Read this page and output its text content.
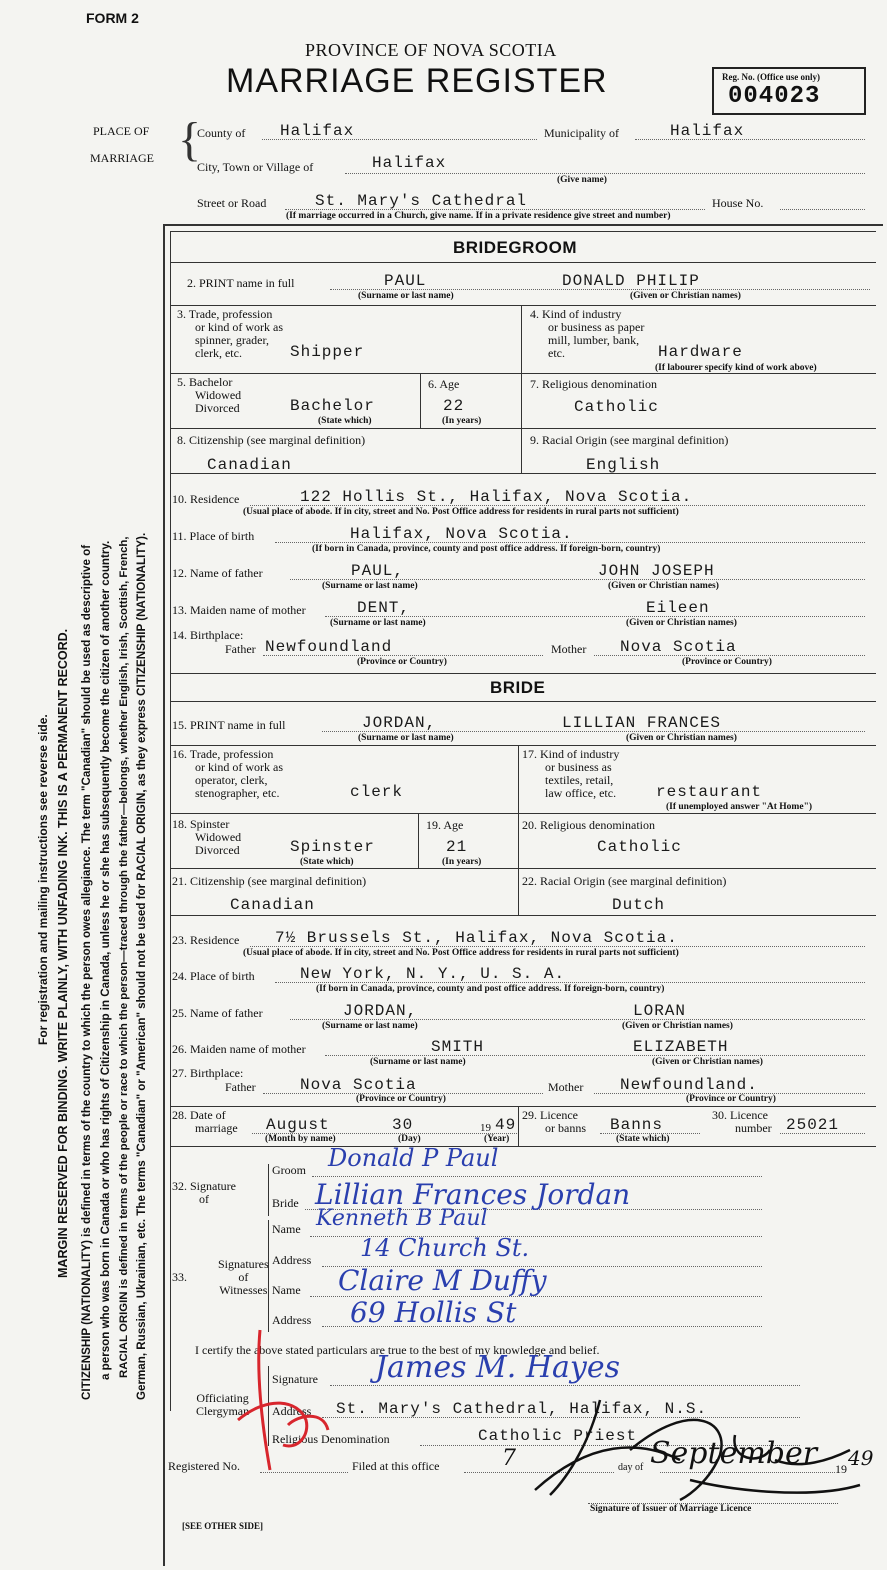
FORM 2
PROVINCE OF NOVA SCOTIA
MARRIAGE REGISTER	Reg. No. (Office use only)
004023
PLACE OF
MARRIAGE {
County of Halifax	Municipality of	Halifax
City, Town or Village of	Halifax
(Give name)
Street or Road	St. Mary's Cathedral	House No.
(If marriage occurred in a Church, give name. If in a private residence give street and number)
For registration and mailing instructions see reverse side. MARGIN RESERVED FOR BINDING. WRITE PLAINLY, WITH UNFADING INK. THIS IS A PERMANENT RECORD. CITIZENSHIP (NATIONALITY) is defined in terms of the country to which the person owes allegiance. The term "Canadian" should be used as descriptive of a person who was born in Canada or who has rights of Citizenship in Canada, unless he or she has subsequently become the citizen of another country. RACIAL ORIGIN is defined in terms of the people or race to which the person—traced through the father—belongs, whether English, Irish, Scottish, French, German, Russian, Ukrainian, etc. The terms "Canadian" or "American" should not be used for RACIAL ORIGIN, as they express CITIZENSHIP (NATIONALITY).
BRIDEGROOM
2. PRINT name in full	PAUL	DONALD PHILIP
(Surname or last name)	(Given or Christian names)
3. Trade, profession
or kind of work as
spinner, grader,
clerk, etc.	Shipper
4. Kind of industry
or business as paper
mill, lumber, bank,
etc.	Hardware
(If labourer specify kind of work above)
5. Bachelor
Widowed
Divorced	Bachelor
(State which)
6. Age
22
(In years)
7. Religious denomination
Catholic
8. Citizenship (see marginal definition)
Canadian
9. Racial Origin (see marginal definition)
English
10. Residence	122 Hollis St., Halifax, Nova Scotia.
(Usual place of abode. If in city, street and No. Post Office address for residents in rural parts not sufficient)
11. Place of birth	Halifax, Nova Scotia.
(If born in Canada, province, county and post office address. If foreign-born, country)
12. Name of father	PAUL,	JOHN JOSEPH
(Surname or last name)	(Given or Christian names)
13. Maiden name of mother	DENT,	Eileen
(Surname or last name)	(Given or Christian names)
14. Birthplace:
Father Newfoundland	Mother Nova Scotia
(Province or Country)	(Province or Country)
BRIDE
15. PRINT name in full	JORDAN,	LILLIAN FRANCES
(Surname or last name)	(Given or Christian names)
16. Trade, profession
or kind of work as
operator, clerk,
stenographer, etc.	clerk
17. Kind of industry
or business as
textiles, retail,
law office, etc. restaurant
(If unemployed answer "At Home")
18. Spinster
Widowed
Divorced	Spinster
(State which)
19. Age
21
(In years)
20. Religious denomination
Catholic
21. Citizenship (see marginal definition)
Canadian
22. Racial Origin (see marginal definition)
Dutch
23. Residence 7½ Brussels St., Halifax, Nova Scotia.
(Usual place of abode. If in city, street and No. Post Office address for residents in rural parts not sufficient)
24. Place of birth	New York, N. Y., U. S. A.
(If born in Canada, province, county and post office address. If foreign-born, country)
25. Name of father	JORDAN,	LORAN
(Surname or last name)	(Given or Christian names)
26. Maiden name of mother	SMITH	ELIZABETH
(Surname or last name)	(Given or Christian names)
27. Birthplace:
Father	Nova Scotia	Mother Newfoundland.
(Province or Country)	(Province or Country)
28. Date of
marriage August	30	19 49
(Month by name)	(Day)	(Year)
29. Licence
or banns Banns
(State which)
30. Licence
number 25021
32. Signature
of
Groom Donald P Paul
Bride Lillian Frances Jordan
33.
Signatures
of
Witnesses
Name Kenneth B Paul
Address 14 Church St.
Name Claire M Duffy
Address 69 Hollis St
I certify the above stated particulars are true to the best of my knowledge and belief.
Officiating
Clergyman
Signature James M. Hayes
Address St. Mary's Cathedral, Halifax, N.S.
Religious Denomination	Catholic Priest
Registered No.	Filed at this office	7	day of September 19 49
Signature of Issuer of Marriage Licence
[SEE OTHER SIDE]
